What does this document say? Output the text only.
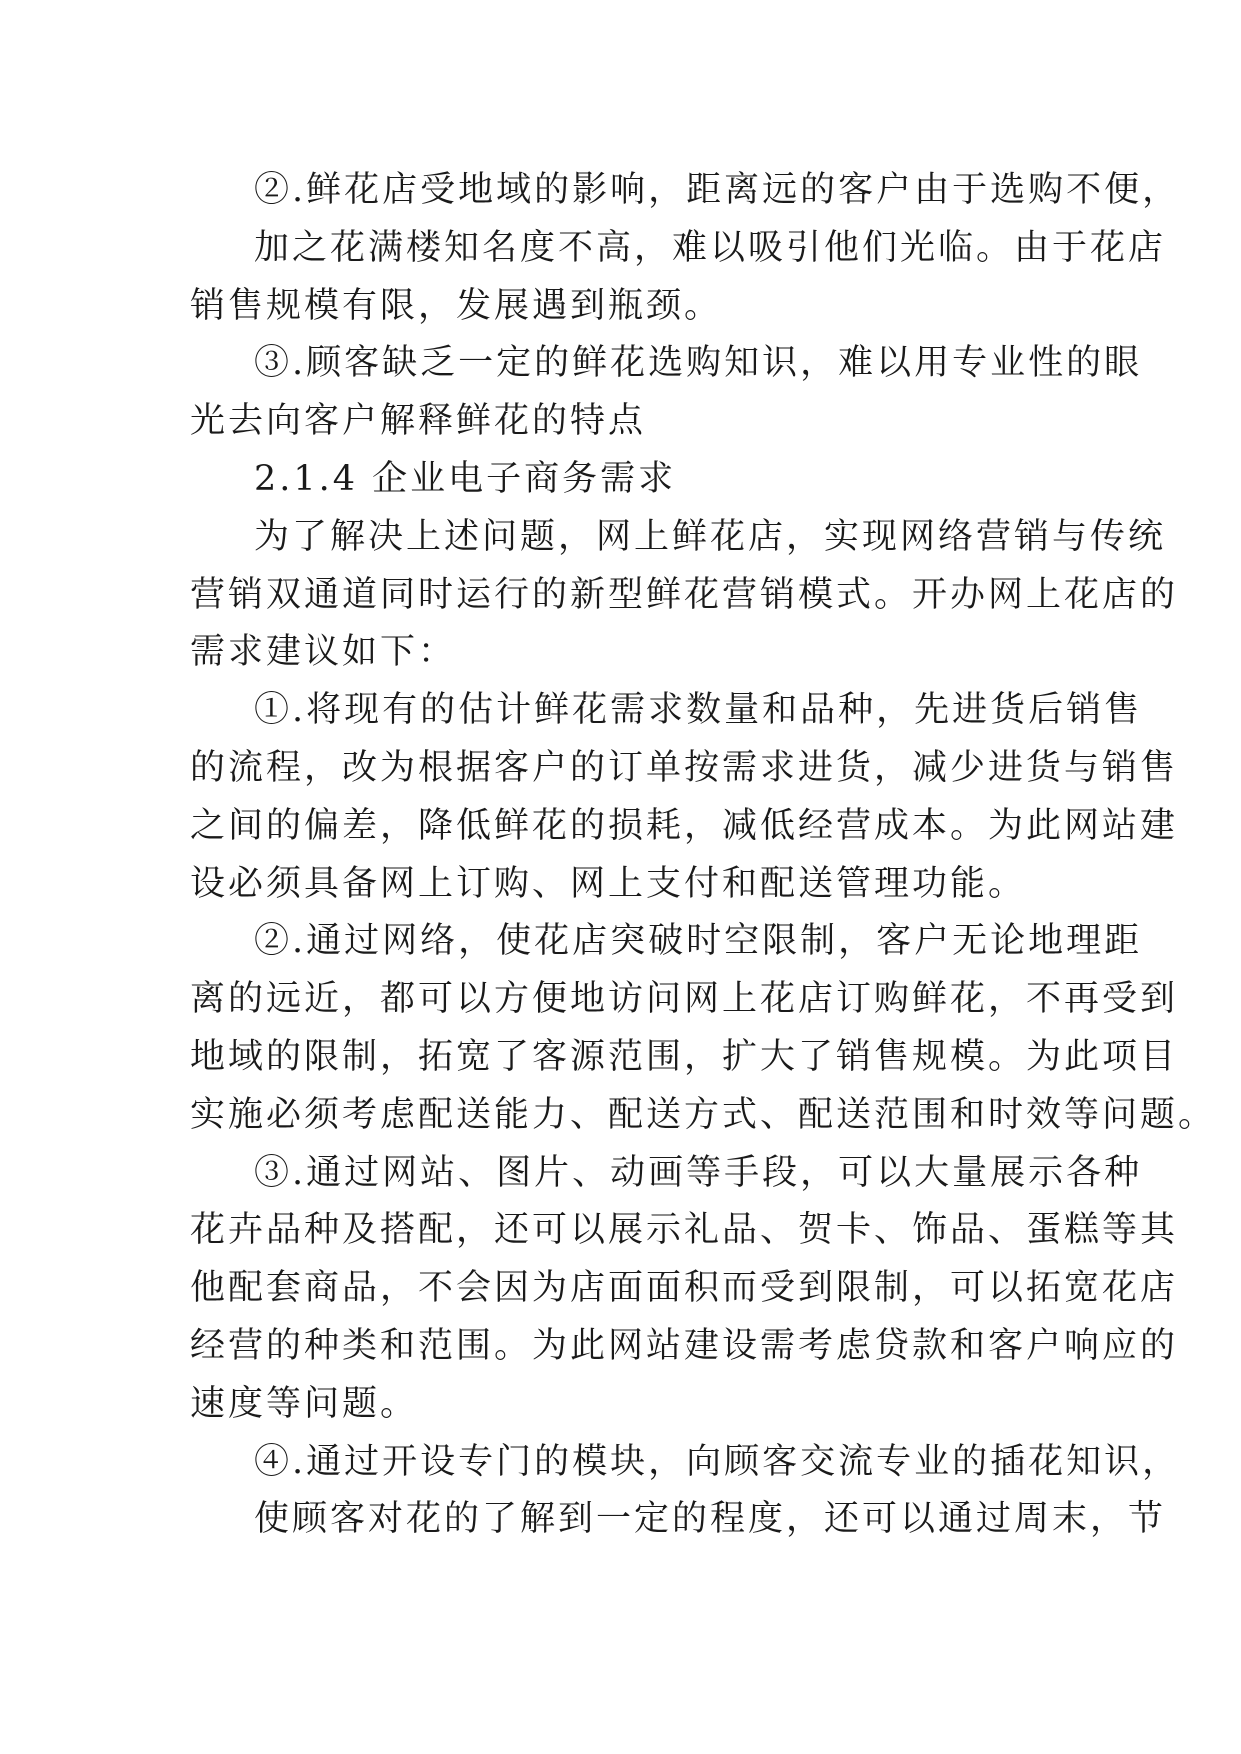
②.鲜花店受地域的影响，距离远的客户由于选购不便，
加之花满楼知名度不高，难以吸引他们光临。由于花店
销售规模有限，发展遇到瓶颈。
③.顾客缺乏一定的鲜花选购知识，难以用专业性的眼
光去向客户解释鲜花的特点
2.1.4 企业电子商务需求
为了解决上述问题，网上鲜花店，实现网络营销与传统
营销双通道同时运行的新型鲜花营销模式。开办网上花店的
需求建议如下：
①.将现有的估计鲜花需求数量和品种，先进货后销售
的流程，改为根据客户的订单按需求进货，减少进货与销售
之间的偏差，降低鲜花的损耗，减低经营成本。为此网站建
设必须具备网上订购、网上支付和配送管理功能。
②.通过网络，使花店突破时空限制，客户无论地理距
离的远近，都可以方便地访问网上花店订购鲜花，不再受到
地域的限制，拓宽了客源范围，扩大了销售规模。为此项目
实施必须考虑配送能力、配送方式、配送范围和时效等问题。
③.通过网站、图片、动画等手段，可以大量展示各种
花卉品种及搭配，还可以展示礼品、贺卡、饰品、蛋糕等其
他配套商品，不会因为店面面积而受到限制，可以拓宽花店
经营的种类和范围。为此网站建设需考虑贷款和客户响应的
速度等问题。
④.通过开设专门的模块，向顾客交流专业的插花知识，
使顾客对花的了解到一定的程度，还可以通过周末，节
